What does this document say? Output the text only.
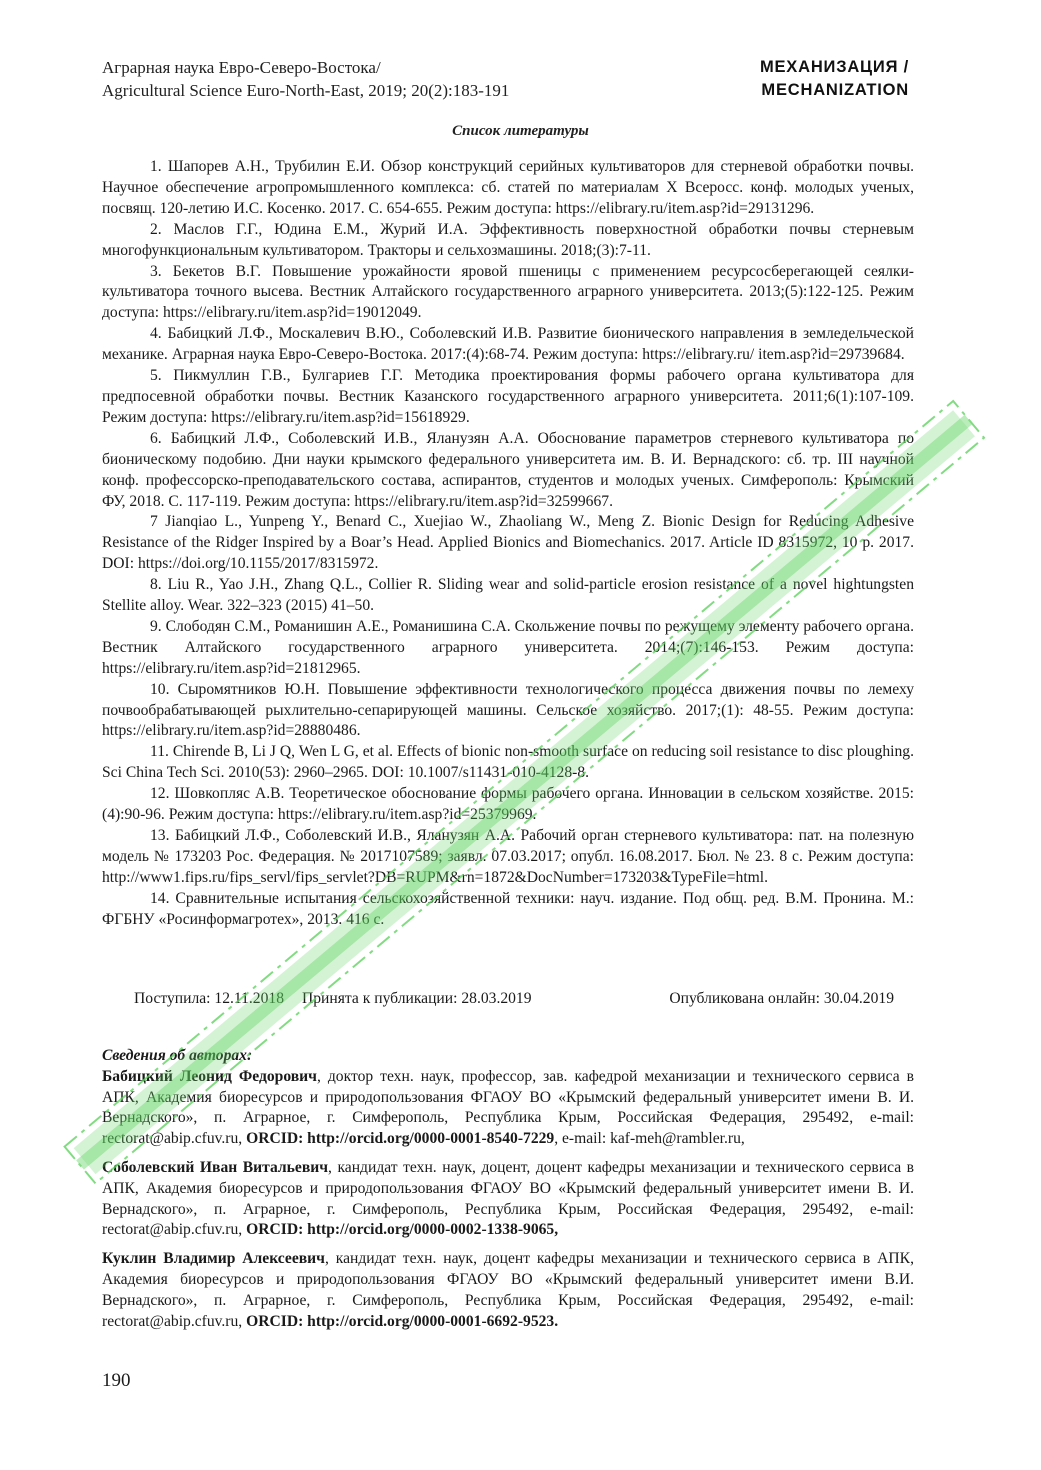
Аграрная наука Евро-Северо-Востока/
Agricultural Science Euro-North-East, 2019; 20(2):183-191
МЕХАНИЗАЦИЯ /
MECHANIZATION
Список литературы

1. Шапорев А.Н., Трубилин Е.И. Обзор конструкций серийных культиваторов для стерневой обработки почвы. Научное обеспечение агропромышленного комплекса: сб. статей по материалам X Всеросс. конф. молодых ученых, посвящ. 120-летию И.С. Косенко. 2017. С. 654-655. Режим доступа: https://elibrary.ru/item.asp?id=29131296.

2. Маслов Г.Г., Юдина Е.М., Журий И.А. Эффективность поверхностной обработки почвы стерневым многофункциональным культиватором. Тракторы и сельхозмашины. 2018;(3):7-11.

3. Бекетов В.Г. Повышение урожайности яровой пшеницы с применением ресурсосберегающей сеялки-культиватора точного высева. Вестник Алтайского государственного аграрного университета. 2013;(5):122-125. Режим доступа: https://elibrary.ru/item.asp?id=19012049.

4. Бабицкий Л.Ф., Москалевич В.Ю., Соболевский И.В. Развитие бионического направления в земледельческой механике. Аграрная наука Евро-Северо-Востока. 2017:(4):68-74. Режим доступа: https://elibrary.ru/ item.asp?id=29739684.

5. Пикмуллин Г.В., Булгариев Г.Г. Методика проектирования формы рабочего органа культиватора для предпосевной обработки почвы. Вестник Казанского государственного аграрного университета. 2011;6(1):107-109. Режим доступа: https://elibrary.ru/item.asp?id=15618929.

6. Бабицкий Л.Ф., Соболевский И.В., Яланузян А.А. Обоснование параметров стерневого культиватора по бионическому подобию. Дни науки крымского федерального университета им. В. И. Вернадского: сб. тр. III научной конф. профессорско-преподавательского состава, аспирантов, студентов и молодых ученых. Симферополь: Крымский ФУ, 2018. С. 117-119. Режим доступа: https://elibrary.ru/item.asp?id=32599667.

7 Jianqiao L., Yunpeng Y., Benard C., Xuejiao W., Zhaoliang W., Meng Z. Bionic Design for Reducing Adhesive Resistance of the Ridger Inspired by a Boar’s Head. Applied Bionics and Biomechanics. 2017. Article ID 8315972, 10 p. 2017. DOI: https://doi.org/10.1155/2017/8315972.

8. Liu R., Yao J.H., Zhang Q.L., Collier R. Sliding wear and solid-particle erosion resistance of a novel hightungsten Stellite alloy. Wear. 322–323 (2015) 41–50.

9. Слободян С.М., Романишин А.Е., Романишина С.А. Скольжение почвы по режущему элементу рабочего органа. Вестник Алтайского государственного аграрного университета. 2014;(7):146-153. Режим доступа: https://elibrary.ru/item.asp?id=21812965.

10. Сыромятников Ю.Н. Повышение эффективности технологического процесса движения почвы по лемеху почвообрабатывающей рыхлительно-сепарирующей машины. Сельское хозяйство. 2017;(1): 48-55. Режим доступа: https://elibrary.ru/item.asp?id=28880486.

11. Chirende B, Li J Q, Wen L G, et al. Effects of bionic non-smooth surface on reducing soil resistance to disc ploughing. Sci China Tech Sci. 2010(53): 2960–2965. DOI: 10.1007/s11431-010-4128-8.

12. Шовкопляс А.В. Теоретическое обоснование формы рабочего органа. Инновации в сельском хозяйстве. 2015:(4):90-96. Режим доступа: https://elibrary.ru/item.asp?id=25379969.

13. Бабицкий Л.Ф., Соболевский И.В., Яланузян А.А. Рабочий орган стерневого культиватора: пат. на полезную модель № 173203 Рос. Федерация. № 2017107589; заявл. 07.03.2017; опубл. 16.08.2017. Бюл. № 23. 8 с. Режим доступа: http://www1.fips.ru/fips_servl/fips_servlet?DB=RUPM&rn=1872&DocNumber=173203&TypeFile=html.

14. Сравнительные испытания сельскохозяйственной техники: науч. издание. Под общ. ред. В.М. Пронина. М.: ФГБНУ «Росинформагротех», 2013. 416 с.

Поступила: 12.11.2018 Принята к публикации: 28.03.2019	Опубликована онлайн: 30.04.2019

Сведения об авторах:

Бабицкий Леонид Федорович, доктор техн. наук, профессор, зав. кафедрой механизации и технического сервиса в АПК, Академия биоресурсов и природопользования ФГАОУ ВО «Крымский федеральный университет имени В. И. Вернадского», п. Аграрное, г. Симферополь, Республика Крым, Российская Федерация, 295492, e-mail: rectorat@abip.cfuv.ru, ORCID: http://orcid.org/0000-0001-8540-7229, e-mail: kaf-meh@rambler.ru,

Соболевский Иван Витальевич, кандидат техн. наук, доцент, доцент кафедры механизации и технического сервиса в АПК, Академия биоресурсов и природопользования ФГАОУ ВО «Крымский федеральный университет имени В. И. Вернадского», п. Аграрное, г. Симферополь, Республика Крым, Российская Федерация, 295492, e-mail: rectorat@abip.cfuv.ru, ORCID: http://orcid.org/0000-0002-1338-9065,

Куклин Владимир Алексеевич, кандидат техн. наук, доцент кафедры механизации и технического сервиса в АПК, Академия биоресурсов и природопользования ФГАОУ ВО «Крымский федеральный университет имени В.И. Вернадского», п. Аграрное, г. Симферополь, Республика Крым, Российская Федерация, 295492, e-mail: rectorat@abip.cfuv.ru, ORCID: http://orcid.org/0000-0001-6692-9523.

190
